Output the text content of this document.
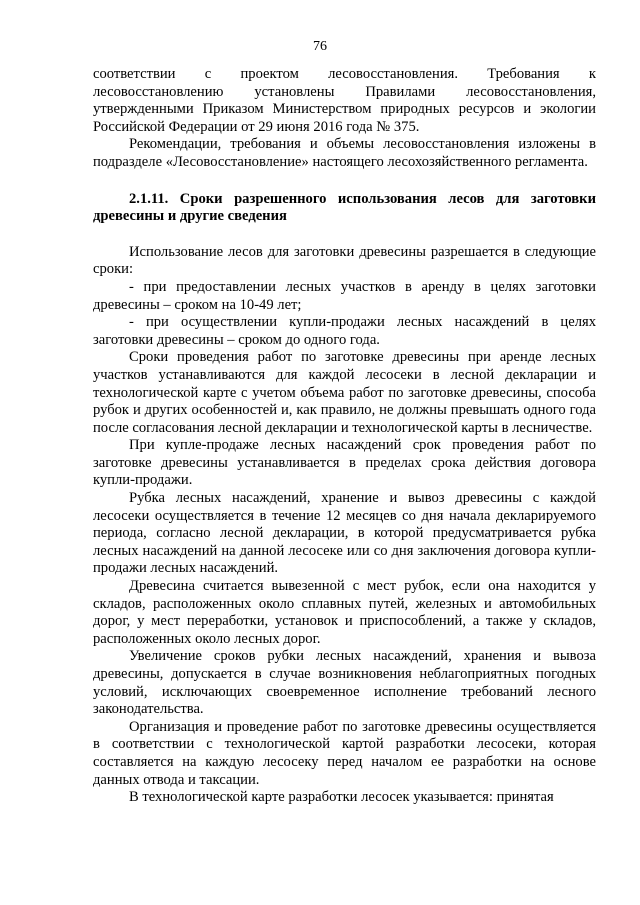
76

соответствии с проектом лесовосстановления. Требования к лесовосстановлению установлены Правилами лесовосстановления, утвержденными Приказом Министерством природных ресурсов и экологии Российской Федерации от 29 июня 2016 года № 375.

Рекомендации, требования и объемы лесовосстановления изложены в подразделе «Лесовосстановление» настоящего лесохозяйственного регламента.

2.1.11. Сроки разрешенного использования лесов для заготовки древесины и другие сведения

Использование лесов для заготовки древесины разрешается в следующие сроки:

- при предоставлении лесных участков в аренду в целях заготовки древесины – сроком на 10-49 лет;

- при осуществлении купли-продажи лесных насаждений в целях заготовки древесины – сроком до одного года.

Сроки проведения работ по заготовке древесины при аренде лесных участков устанавливаются для каждой лесосеки в лесной декларации и технологической карте с учетом объема работ по заготовке древесины, способа рубок и других особенностей и, как правило, не должны превышать одного года после согласования лесной декларации и технологической карты в лесничестве.

При купле-продаже лесных насаждений срок проведения работ по заготовке древесины устанавливается в пределах срока действия договора купли-продажи.

Рубка лесных насаждений, хранение и вывоз древесины с каждой лесосеки осуществляется в течение 12 месяцев со дня начала декларируемого периода, согласно лесной декларации, в которой предусматривается рубка лесных насаждений на данной лесосеке или со дня заключения договора купли-продажи лесных насаждений.

Древесина считается вывезенной с мест рубок, если она находится у складов, расположенных около сплавных путей, железных и автомобильных дорог, у мест переработки, установок и приспособлений, а также у складов, расположенных около лесных дорог.

Увеличение сроков рубки лесных насаждений, хранения и вывоза древесины, допускается в случае возникновения неблагоприятных погодных условий, исключающих своевременное исполнение требований лесного законодательства.

Организация и проведение работ по заготовке древесины осуществляется в соответствии с технологической картой разработки лесосеки, которая составляется на каждую лесосеку перед началом ее разработки на основе данных отвода и таксации.

В технологической карте разработки лесосек указывается: принятая
